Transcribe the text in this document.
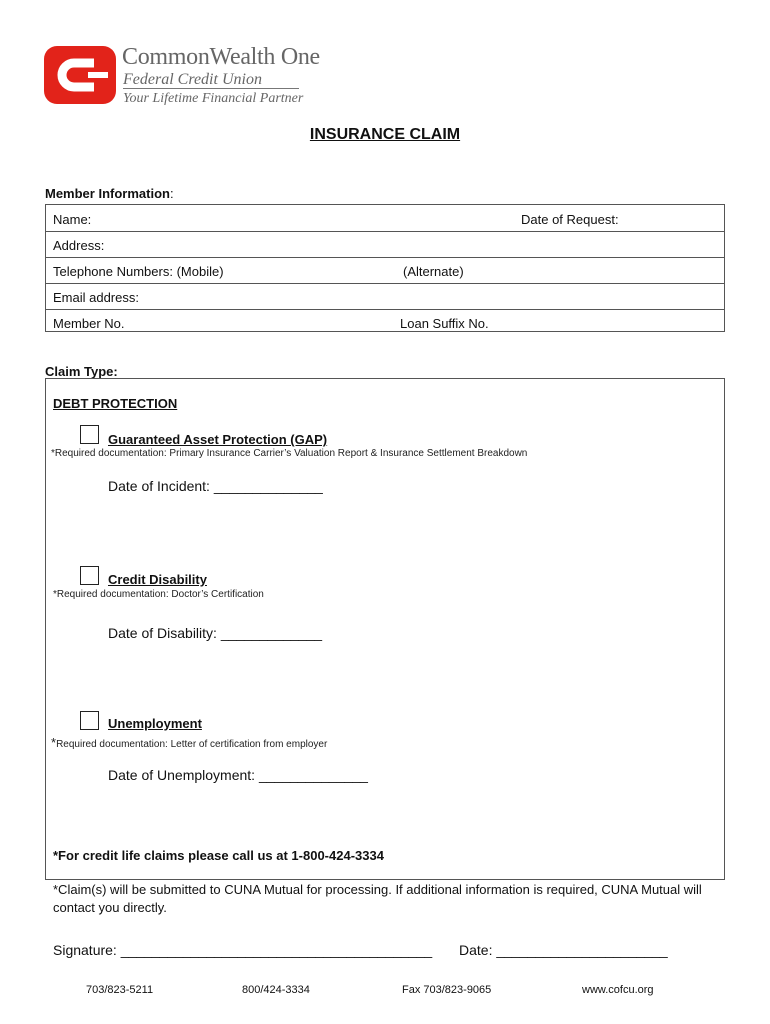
CommonWealth One
Federal Credit Union
Your Lifetime Financial Partner
INSURANCE CLAIM
Member Information:
Name:	Date of Request:
Address:
Telephone Numbers: (Mobile)	(Alternate)
Email address:
Member No.	Loan Suffix No.
Claim Type:
DEBT PROTECTION
Guaranteed Asset Protection (GAP)
*Required documentation: Primary Insurance Carrier’s Valuation Report & Insurance Settlement Breakdown
Date of Incident: ______________
Credit Disability
*Required documentation: Doctor’s Certification
Date of Disability: _____________
Unemployment
*Required documentation: Letter of certification from employer
Date of Unemployment: ______________
*For credit life claims please call us at 1-800-424-3334
*Claim(s) will be submitted to CUNA Mutual for processing. If additional information is required, CUNA Mutual will contact you directly.
Signature: ________________________________________ Date: ______________________
703/823-5211	800/424-3334	Fax 703/823-9065	www.cofcu.org
